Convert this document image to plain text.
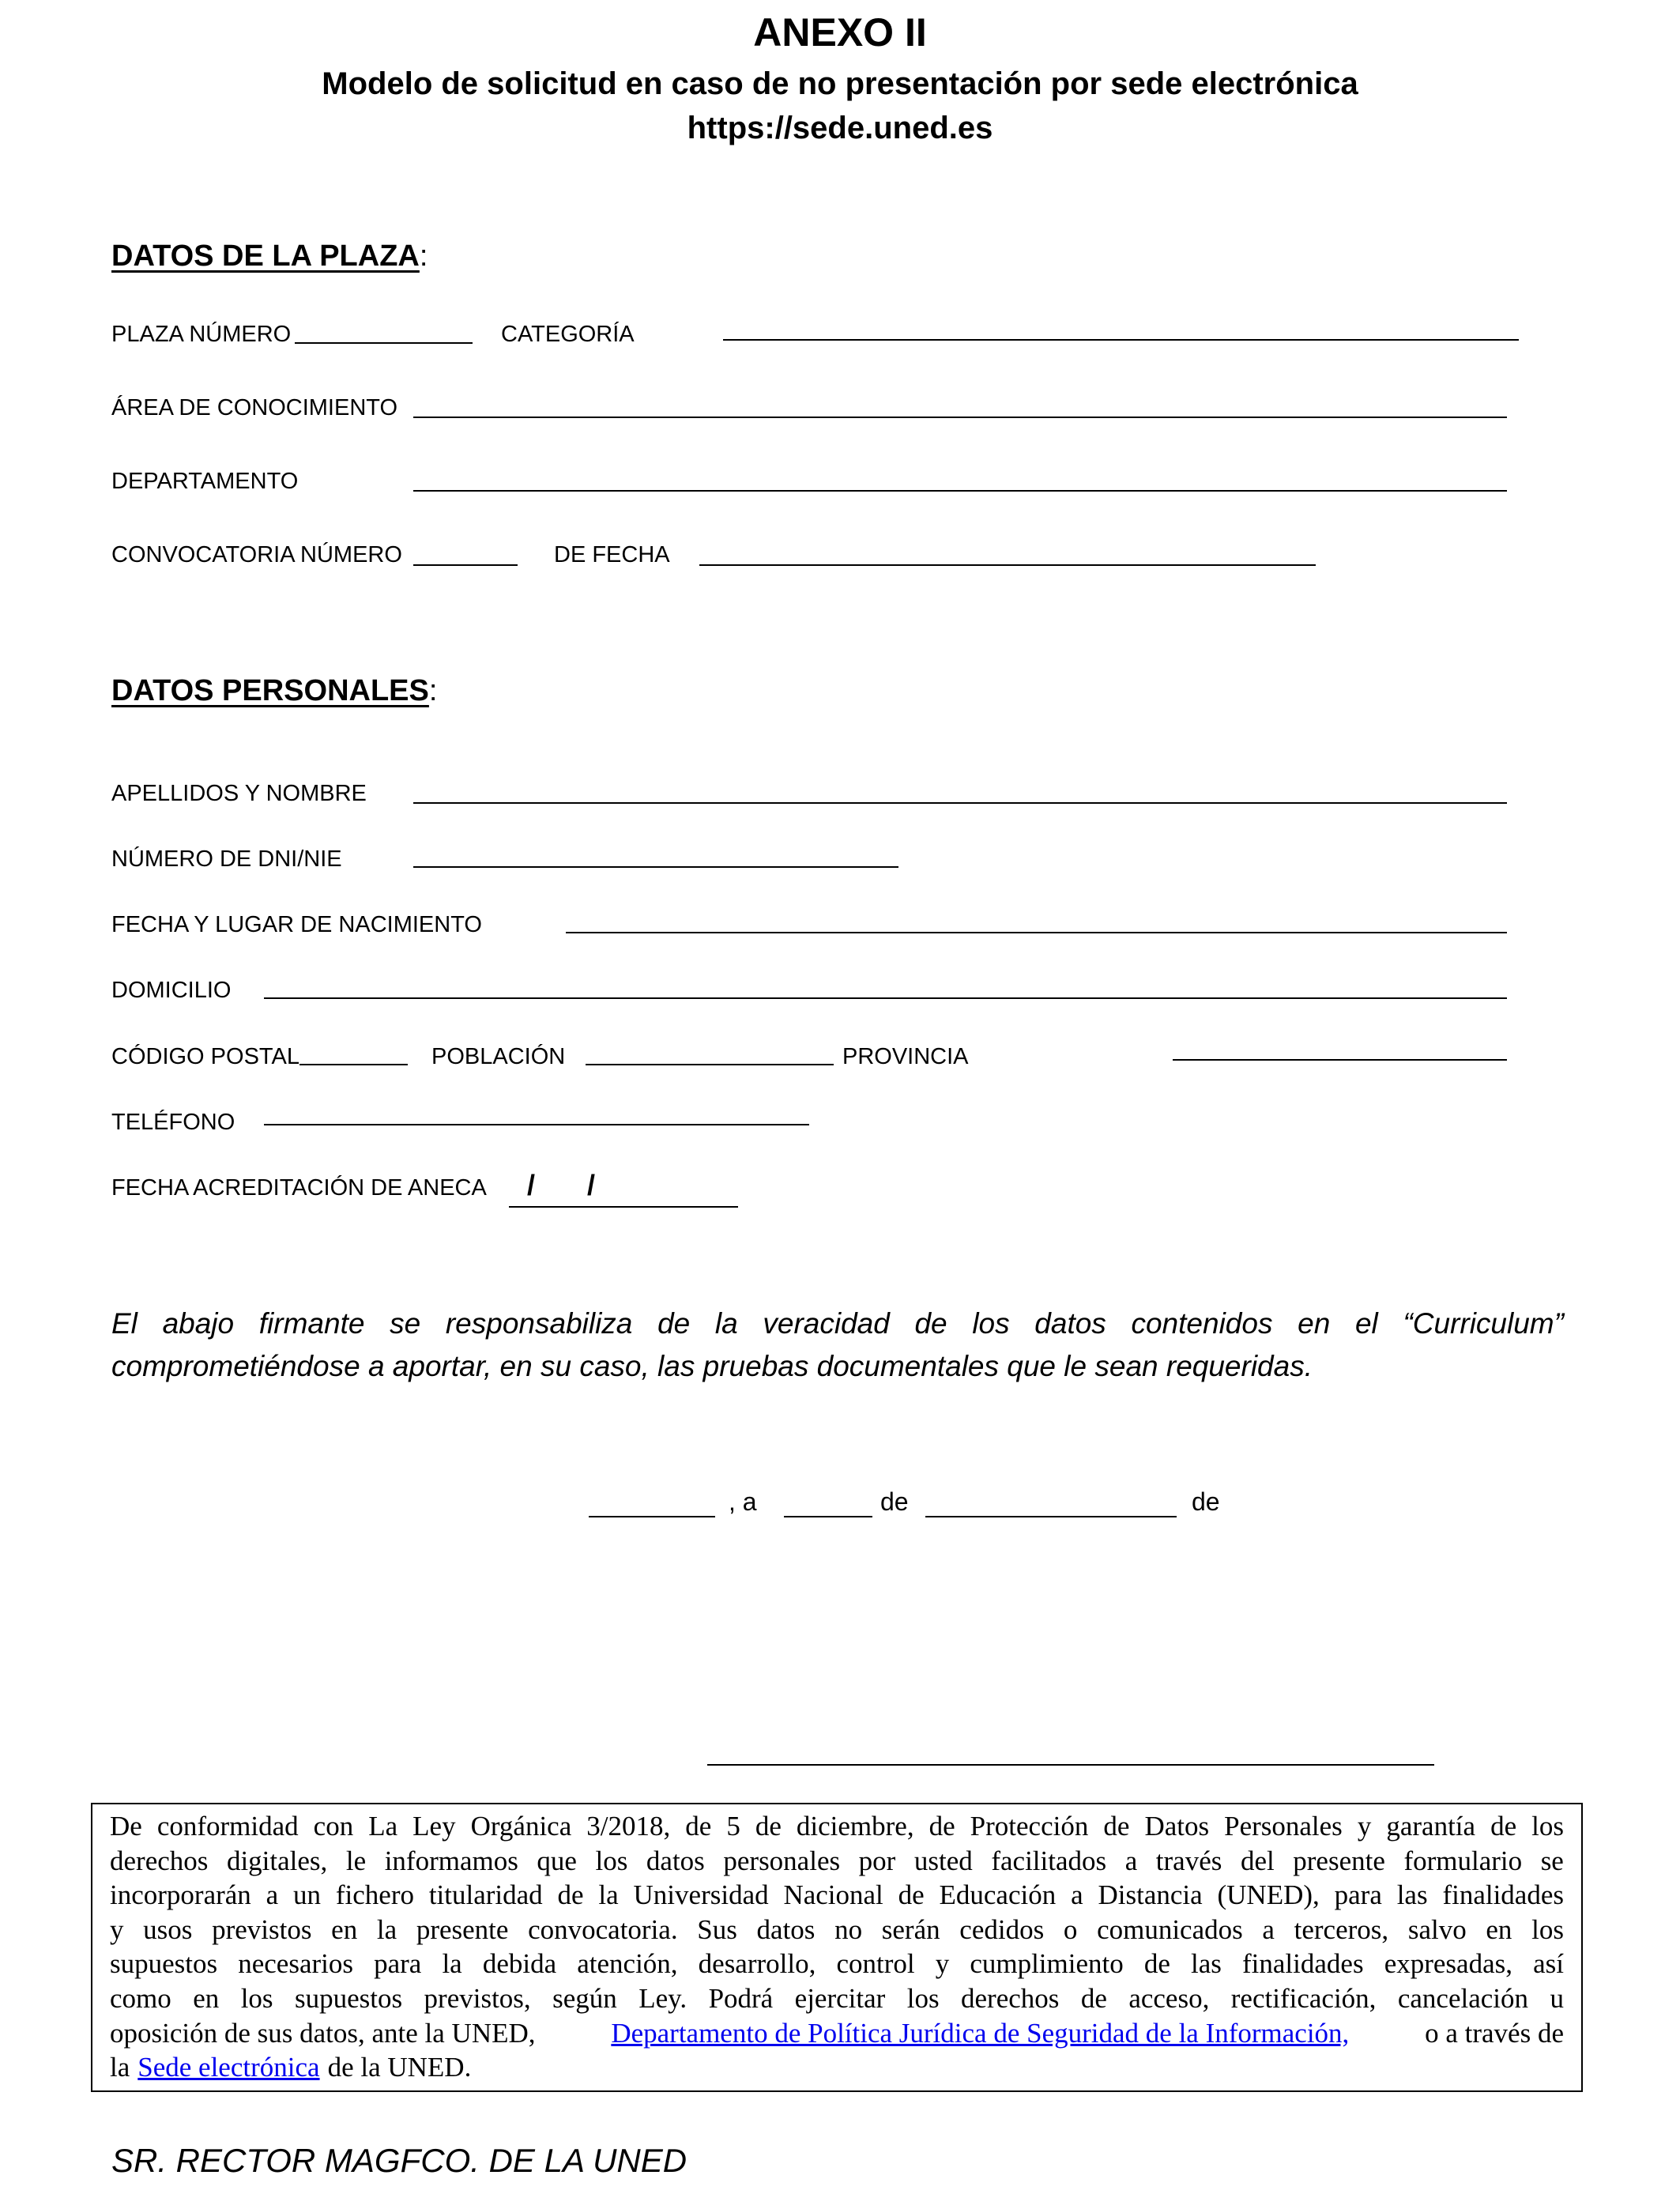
ANEXO II
Modelo de solicitud en caso de no presentación por sede electrónica
https://sede.uned.es
DATOS DE LA PLAZA:
PLAZA NÚMERO	CATEGORÍA
ÁREA DE CONOCIMIENTO
DEPARTAMENTO
CONVOCATORIA NÚMERO	DE FECHA
DATOS PERSONALES:
APELLIDOS Y NOMBRE
NÚMERO DE DNI/NIE
FECHA Y LUGAR DE NACIMIENTO
DOMICILIO
CÓDIGO POSTAL	POBLACIÓN	PROVINCIA
TELÉFONO
FECHA ACREDITACIÓN DE ANECA / /
El abajo firmante se responsabiliza de la veracidad de los datos contenidos en el “Curriculum”
comprometiéndose a aportar, en su caso, las pruebas documentales que le sean requeridas.
, a	de	de
De conformidad con La Ley Orgánica 3/2018, de 5 de diciembre, de Protección de Datos Personales y garantía de los
derechos digitales, le informamos que los datos personales por usted facilitados a través del presente formulario se
incorporarán a un fichero titularidad de la Universidad Nacional de Educación a Distancia (UNED), para las finalidades
y usos previstos en la presente convocatoria. Sus datos no serán cedidos o comunicados a terceros, salvo en los
supuestos necesarios para la debida atención, desarrollo, control y cumplimiento de las finalidades expresadas, así
como en los supuestos previstos, según Ley. Podrá ejercitar los derechos de acceso, rectificación, cancelación u
oposición de sus datos, ante la UNED,	Departamento de Política Jurídica de Seguridad de la Información,	o a través de
la Sede electrónica de la UNED.
SR. RECTOR MAGFCO. DE LA UNED
